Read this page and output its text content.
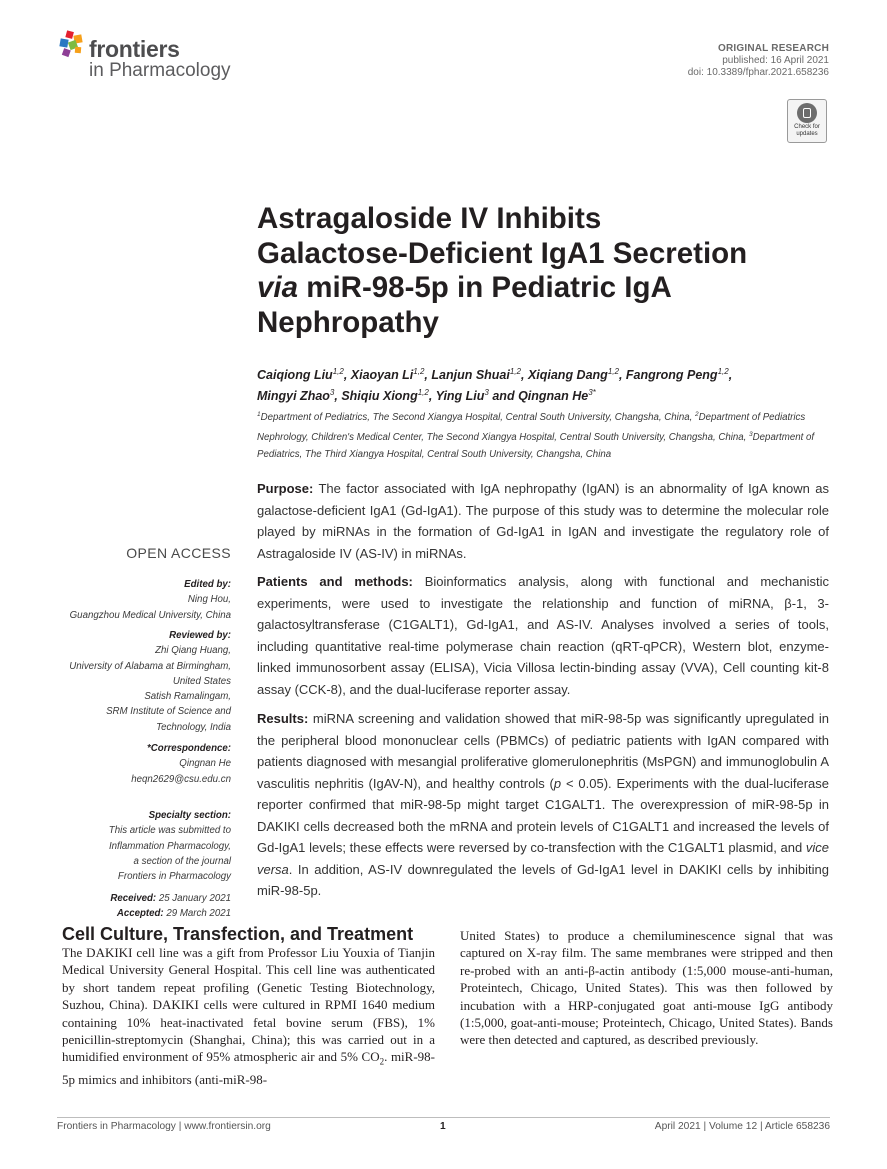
frontiers
in Pharmacology
ORIGINAL RESEARCH
published: 16 April 2021
doi: 10.3389/fphar.2021.658236
Check for
updates
Astragaloside IV Inhibits
Galactose-Deficient IgA1 Secretion
via miR-98-5p in Pediatric IgA
Nephropathy

Caiqiong Liu$^{1,2}$, Xiaoyan Li$^{1,2}$, Lanjun Shuai$^{1,2}$, Xiqiang Dang$^{1,2}$, Fangrong Peng$^{1,2}$,
Mingyi Zhao$^3$, Shiqiu Xiong$^{1,2}$, Ying Liu$^3$ and Qingnan $He^{3*}$

$^1$Department of Pediatrics, The Second Xiangya Hospital, Central South University, Changsha, China, $^2$Department of Pediatrics Nephrology, Children's Medical Center, The Second Xiangya Hospital, Central South University, Changsha, China, $^3$Department of Pediatrics, The Third Xiangya Hospital, Central South University, Changsha, China

Purpose: The factor associated with IgA nephropathy (IgAN) is an abnormality of IgA known as galactose-deficient IgA1 (Gd-IgA1). The purpose of this study was to determine the molecular role played by miRNAs in the formation of Gd-IgA1 in IgAN and investigate the regulatory role of Astragaloside IV (AS-IV) in miRNAs.

Patients and methods: Bioinformatics analysis, along with functional and mechanistic experiments, were used to investigate the relationship and function of miRNA, β-1, 3-galactosyltransferase (C1GALT1), Gd-IgA1, and AS-IV. Analyses involved a series of tools, including quantitative real-time polymerase chain reaction (qRT-qPCR), Western blot, enzyme-linked immunosorbent assay (ELISA), Vicia Villosa lectin-binding assay (VVA), Cell counting kit-8 assay (CCK-8), and the dual-luciferase reporter assay.

Results: miRNA screening and validation showed that miR-98-5p was significantly upregulated in the peripheral blood mononuclear cells (PBMCs) of pediatric patients with IgAN compared with patients diagnosed with mesangial proliferative glomerulonephritis (MsPGN) and immunoglobulin A vasculitis nephritis (IgAV-N), and healthy controls (p < 0.05). Experiments with the dual-luciferase reporter confirmed that miR-98-5p might target C1GALT1. The overexpression of miR-98-5p in DAKIKI cells decreased both the mRNA and protein levels of C1GALT1 and increased the levels of Gd-IgA1 levels; these effects were reversed by co-transfection with the C1GALT1 plasmid, and vice versa. In addition, AS-IV downregulated the levels of Gd-IgA1 level in DAKIKI cells by inhibiting miR-98-5p.

OPEN ACCESS
Edited by:
Ning Hou,
Guangzhou Medical University, China
Reviewed by:
Zhi Qiang Huang,
University of Alabama at Birmingham,
United States
Satish Ramalingam,
SRM Institute of Science and
Technology, India
*Correspondence:
Qingnan He
heqn2629@csu.edu.cn
Specialty section:
This article was submitted to
Inflammation Pharmacology,
a section of the journal
Frontiers in Pharmacology
Received: 25 January 2021
Accepted: 29 March 2021
Cell Culture, Transfection, and Treatment

The DAKIKI cell line was a gift from Professor Liu Youxia of Tianjin Medical University General Hospital. This cell line was authenticated by short tandem repeat profiling (Genetic Testing Biotechnology, Suzhou, China). DAKIKI cells were cultured in RPMI 1640 medium containing 10% heat-inactivated fetal bovine serum (FBS), 1% penicillin-streptomycin (Shanghai, China); this was carried out in a humidified environment of 95% atmospheric air and 5% $CO_2$. miR-98-5p mimics and inhibitors (anti-miR-98-

United States) to produce a chemiluminescence signal that was captured on X-ray film. The same membranes were stripped and then re-probed with an anti-β-actin antibody (1:5,000 mouse-anti-human, Proteintech, Chicago, United States). This was then followed by incubation with a HRP-conjugated goat anti-mouse IgG antibody (1:5,000, goat-anti-mouse; Proteintech, Chicago, United States). Bands were then detected and captured, as described previously.

Frontiers in Pharmacology | www.frontiersin.org	1	April 2021 | Volume 12 | Article 658236
